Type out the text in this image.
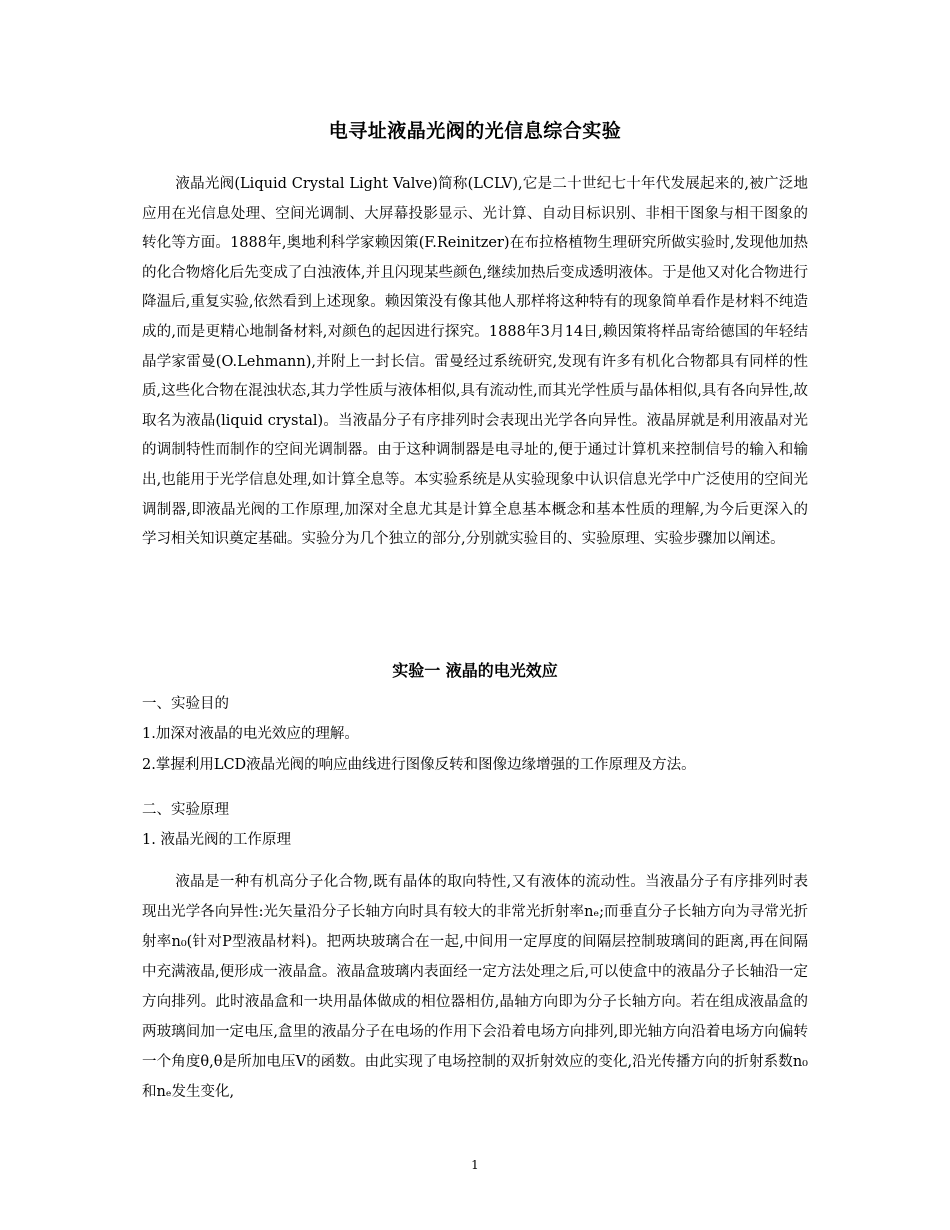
电寻址液晶光阀的光信息综合实验

液晶光阀(Liquid Crystal Light Valve)简称(LCLV),它是二十世纪七十年代发展起来的,被广泛地应用在光信息处理、空间光调制、大屏幕投影显示、光计算、自动目标识别、非相干图象与相干图象的转化等方面。1888年,奥地利科学家赖因策(F.Reinitzer)在布拉格植物生理研究所做实验时,发现他加热的化合物熔化后先变成了白浊液体,并且闪现某些颜色,继续加热后变成透明液体。于是他又对化合物进行降温后,重复实验,依然看到上述现象。赖因策没有像其他人那样将这种特有的现象简单看作是材料不纯造成的,而是更精心地制备材料,对颜色的起因进行探究。1888年3月14日,赖因策将样品寄给德国的年轻结晶学家雷曼(O.Lehmann),并附上一封长信。雷曼经过系统研究,发现有许多有机化合物都具有同样的性质,这些化合物在混浊状态,其力学性质与液体相似,具有流动性,而其光学性质与晶体相似,具有各向异性,故取名为液晶(liquid crystal)。当液晶分子有序排列时会表现出光学各向异性。液晶屏就是利用液晶对光的调制特性而制作的空间光调制器。由于这种调制器是电寻址的,便于通过计算机来控制信号的输入和输出,也能用于光学信息处理,如计算全息等。本实验系统是从实验现象中认识信息光学中广泛使用的空间光调制器,即液晶光阀的工作原理,加深对全息尤其是计算全息基本概念和基本性质的理解,为今后更深入的学习相关知识奠定基础。实验分为几个独立的部分,分别就实验目的、实验原理、实验步骤加以阐述。

实验一 液晶的电光效应

一、实验目的

1.加深对液晶的电光效应的理解。

2.掌握利用LCD液晶光阀的响应曲线进行图像反转和图像边缘增强的工作原理及方法。

二、实验原理

1. 液晶光阀的工作原理

液晶是一种有机高分子化合物,既有晶体的取向特性,又有液体的流动性。当液晶分子有序排列时表现出光学各向异性:光矢量沿分子长轴方向时具有较大的非常光折射率nₑ;而垂直分子长轴方向为寻常光折射率n₀(针对P型液晶材料)。把两块玻璃合在一起,中间用一定厚度的间隔层控制玻璃间的距离,再在间隔中充满液晶,便形成一液晶盒。液晶盒玻璃内表面经一定方法处理之后,可以使盒中的液晶分子长轴沿一定方向排列。此时液晶盒和一块用晶体做成的相位器相仿,晶轴方向即为分子长轴方向。若在组成液晶盒的两玻璃间加一定电压,盒里的液晶分子在电场的作用下会沿着电场方向排列,即光轴方向沿着电场方向偏转一个角度θ,θ是所加电压V的函数。由此实现了电场控制的双折射效应的变化,沿光传播方向的折射系数n₀和nₑ发生变化,

1
